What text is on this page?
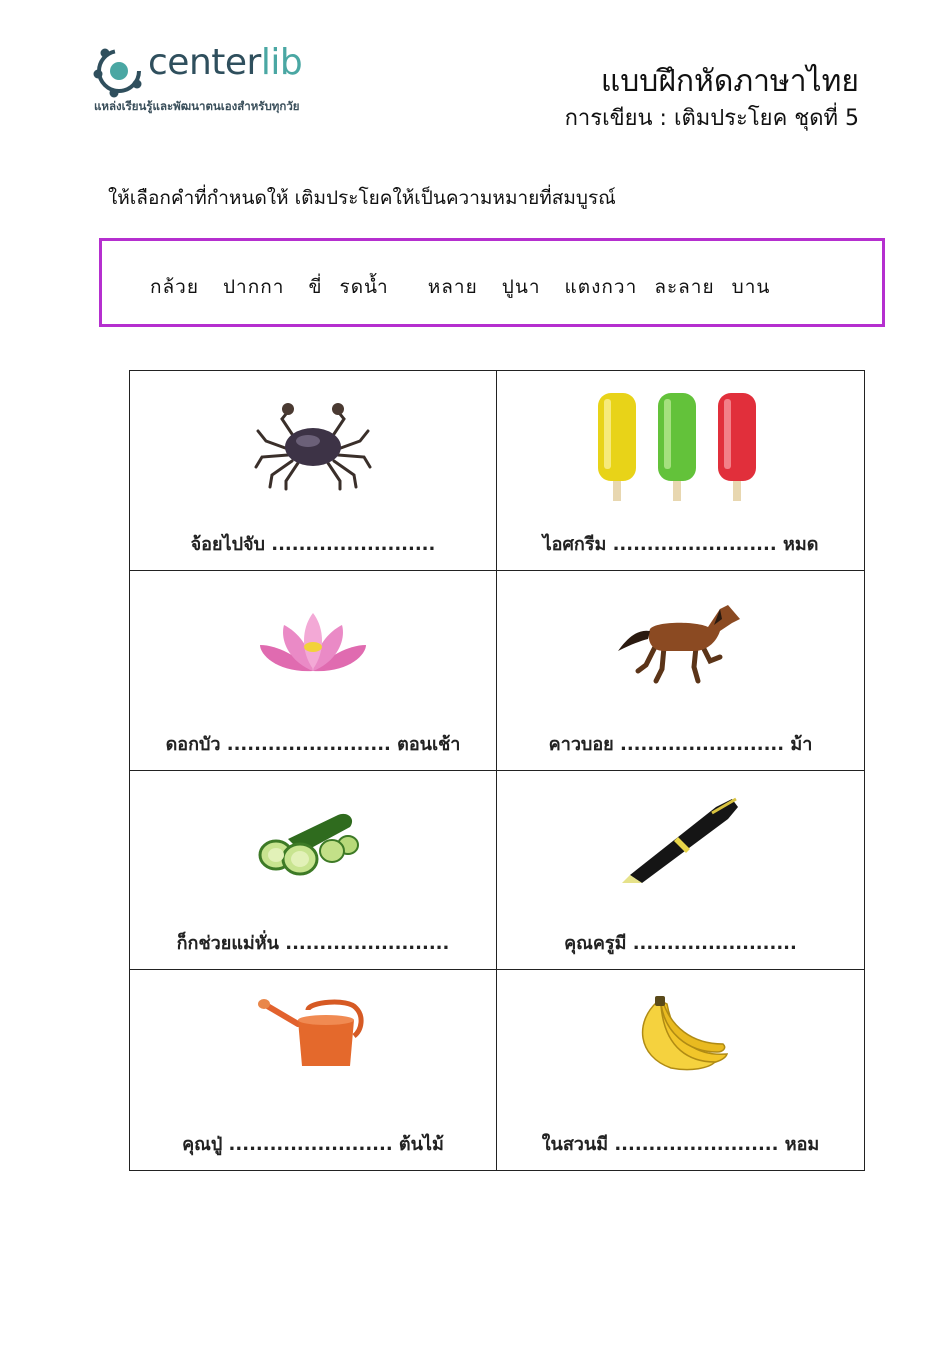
centerlib
แหล่งเรียนรู้และพัฒนาตนเองสำหรับทุกวัย
แบบฝึกหัดภาษาไทย
การเขียน : เติมประโยค ชุดที่ 5
ให้เลือกคำที่กำหนดให้ เติมประโยคให้เป็นความหมายที่สมบูรณ์
กล้วย ปากกา ขี่ รดน้ำ หลาย ปูนา แตงกวา ละลาย บาน
จ้อยไปจับ ........................	ไอศกรีม ........................ หมด
ดอกบัว ........................ ตอนเช้า	คาวบอย ........................ ม้า
ก็กช่วยแม่หั่น ........................	คุณครูมี ........................
คุณปู่ ........................ ต้นไม้	ในสวนมี ........................ หอม
